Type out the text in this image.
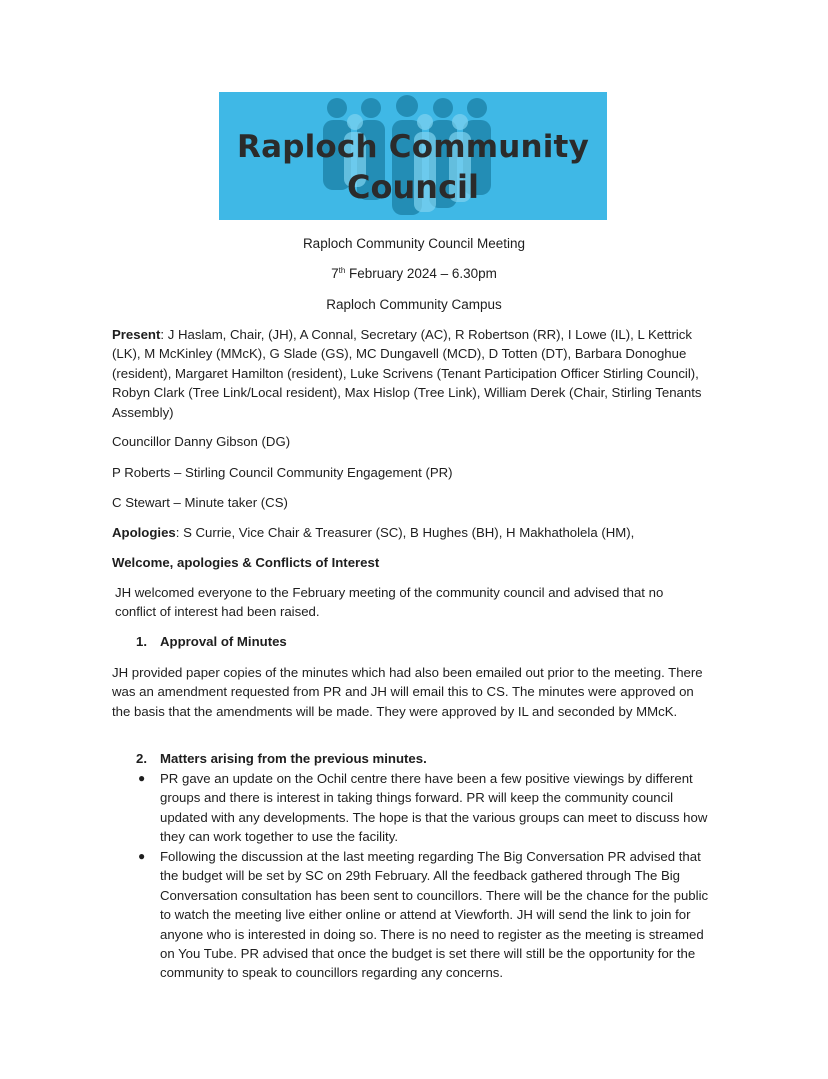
Raploch Community
Council
Raploch Community Council Meeting
7th February 2024 – 6.30pm
Raploch Community Campus
Present: J Haslam, Chair, (JH), A Connal, Secretary (AC), R Robertson (RR), I Lowe (IL), L Kettrick (LK), M McKinley (MMcK), G Slade (GS), MC Dungavell (MCD), D Totten (DT), Barbara Donoghue (resident), Margaret Hamilton (resident), Luke Scrivens (Tenant Participation Officer Stirling Council), Robyn Clark (Tree Link/Local resident), Max Hislop (Tree Link), William Derek (Chair, Stirling Tenants Assembly)
Councillor Danny Gibson (DG)
P Roberts – Stirling Council Community Engagement (PR)
C Stewart – Minute taker (CS)
Apologies: S Currie, Vice Chair & Treasurer (SC), B Hughes (BH), H Makhatholela (HM),
Welcome, apologies & Conflicts of Interest
JH welcomed everyone to the February meeting of the community council and advised that no conflict of interest had been raised.
1. Approval of Minutes
JH provided paper copies of the minutes which had also been emailed out prior to the meeting. There was an amendment requested from PR and JH will email this to CS. The minutes were approved on the basis that the amendments will be made. They were approved by IL and seconded by MMcK.
2. Matters arising from the previous minutes.
● PR gave an update on the Ochil centre there have been a few positive viewings by different groups and there is interest in taking things forward. PR will keep the community council updated with any developments. The hope is that the various groups can meet to discuss how they can work together to use the facility.
● Following the discussion at the last meeting regarding The Big Conversation PR advised that the budget will be set by SC on 29th February. All the feedback gathered through The Big Conversation consultation has been sent to councillors. There will be the chance for the public to watch the meeting live either online or attend at Viewforth. JH will send the link to join for anyone who is interested in doing so. There is no need to register as the meeting is streamed on You Tube. PR advised that once the budget is set there will still be the opportunity for the community to speak to councillors regarding any concerns.
